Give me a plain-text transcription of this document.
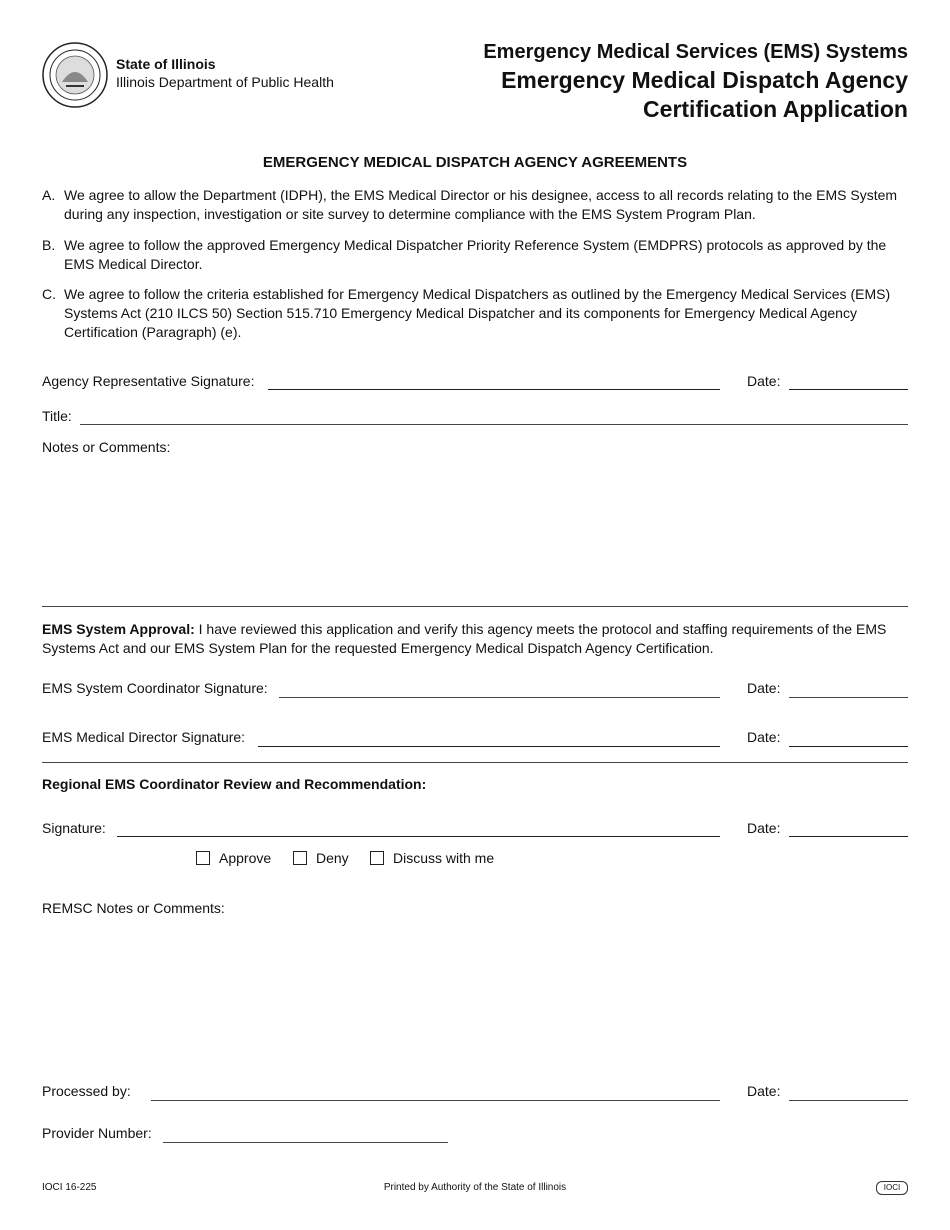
State of Illinois
Illinois Department of Public Health
Emergency Medical Services (EMS) Systems
Emergency Medical Dispatch Agency
Certification Application
EMERGENCY MEDICAL DISPATCH AGENCY AGREEMENTS
A. We agree to allow the Department (IDPH), the EMS Medical Director or his designee, access to all records relating to the EMS System during any inspection, investigation or site survey to determine compliance with the EMS System Program Plan.
B. We agree to follow the approved Emergency Medical Dispatcher Priority Reference System (EMDPRS) protocols as approved by the EMS Medical Director.
C. We agree to follow the criteria established for Emergency Medical Dispatchers as outlined by the Emergency Medical Services (EMS) Systems Act (210 ILCS 50) Section 515.710 Emergency Medical Dispatcher and its components for Emergency Medical Agency Certification (Paragraph) (e).
Agency Representative Signature:	Date:
Title:
Notes or Comments:
EMS System Approval: I have reviewed this application and verify this agency meets the protocol and staffing requirements of the EMS Systems Act and our EMS System Plan for the requested Emergency Medical Dispatch Agency Certification.
EMS System Coordinator Signature:	Date:
EMS Medical Director Signature:	Date:
Regional EMS Coordinator Review and Recommendation:
Signature:	Date:
Approve	Deny	Discuss with me
REMSC Notes or Comments:
Processed by:	Date:
Provider Number:
IOCI 16-225	Printed by Authority of the State of Illinois	IOCI
